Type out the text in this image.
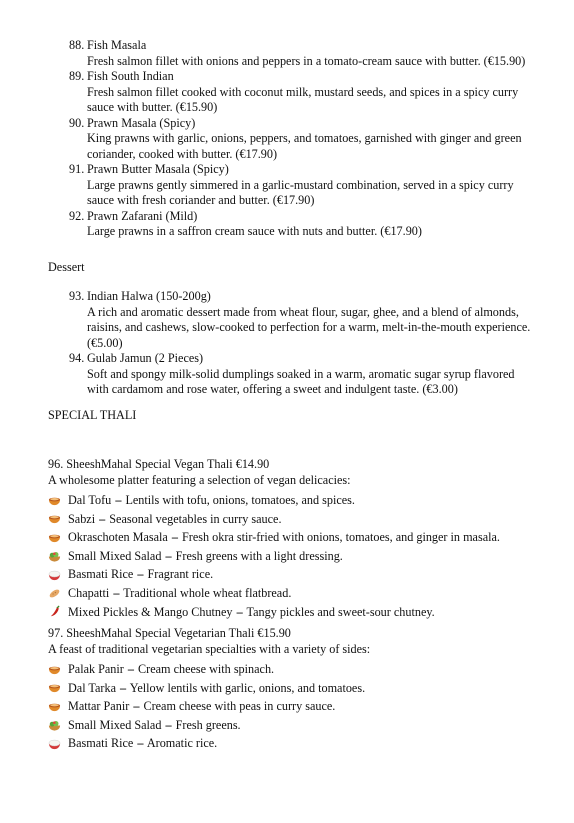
88. Fish Masala
Fresh salmon fillet with onions and peppers in a tomato-cream sauce with butter. (€15.90)
89. Fish South Indian
Fresh salmon fillet cooked with coconut milk, mustard seeds, and spices in a spicy curry sauce with butter. (€15.90)
90. Prawn Masala (Spicy)
King prawns with garlic, onions, peppers, and tomatoes, garnished with ginger and green coriander, cooked with butter. (€17.90)
91. Prawn Butter Masala (Spicy)
Large prawns gently simmered in a garlic-mustard combination, served in a spicy curry sauce with fresh coriander and butter. (€17.90)
92. Prawn Zafarani (Mild)
Large prawns in a saffron cream sauce with nuts and butter. (€17.90)
Dessert
93. Indian Halwa (150-200g)
A rich and aromatic dessert made from wheat flour, sugar, ghee, and a blend of almonds, raisins, and cashews, slow-cooked to perfection for a warm, melt-in-the-mouth experience. (€5.00)
94. Gulab Jamun (2 Pieces)
Soft and spongy milk-solid dumplings soaked in a warm, aromatic sugar syrup flavored with cardamom and rose water, offering a sweet and indulgent taste. (€3.00)
SPECIAL THALI
96. SheeshMahal Special Vegan Thali €14.90
A wholesome platter featuring a selection of vegan delicacies:
Dal Tofu – Lentils with tofu, onions, tomatoes, and spices.
Sabzi – Seasonal vegetables in curry sauce.
Okraschoten Masala – Fresh okra stir-fried with onions, tomatoes, and ginger in masala.
Small Mixed Salad – Fresh greens with a light dressing.
Basmati Rice – Fragrant rice.
Chapatti – Traditional whole wheat flatbread.
Mixed Pickles & Mango Chutney – Tangy pickles and sweet-sour chutney.
97. SheeshMahal Special Vegetarian Thali €15.90
A feast of traditional vegetarian specialties with a variety of sides:
Palak Panir – Cream cheese with spinach.
Dal Tarka – Yellow lentils with garlic, onions, and tomatoes.
Mattar Panir – Cream cheese with peas in curry sauce.
Small Mixed Salad – Fresh greens.
Basmati Rice – Aromatic rice.
